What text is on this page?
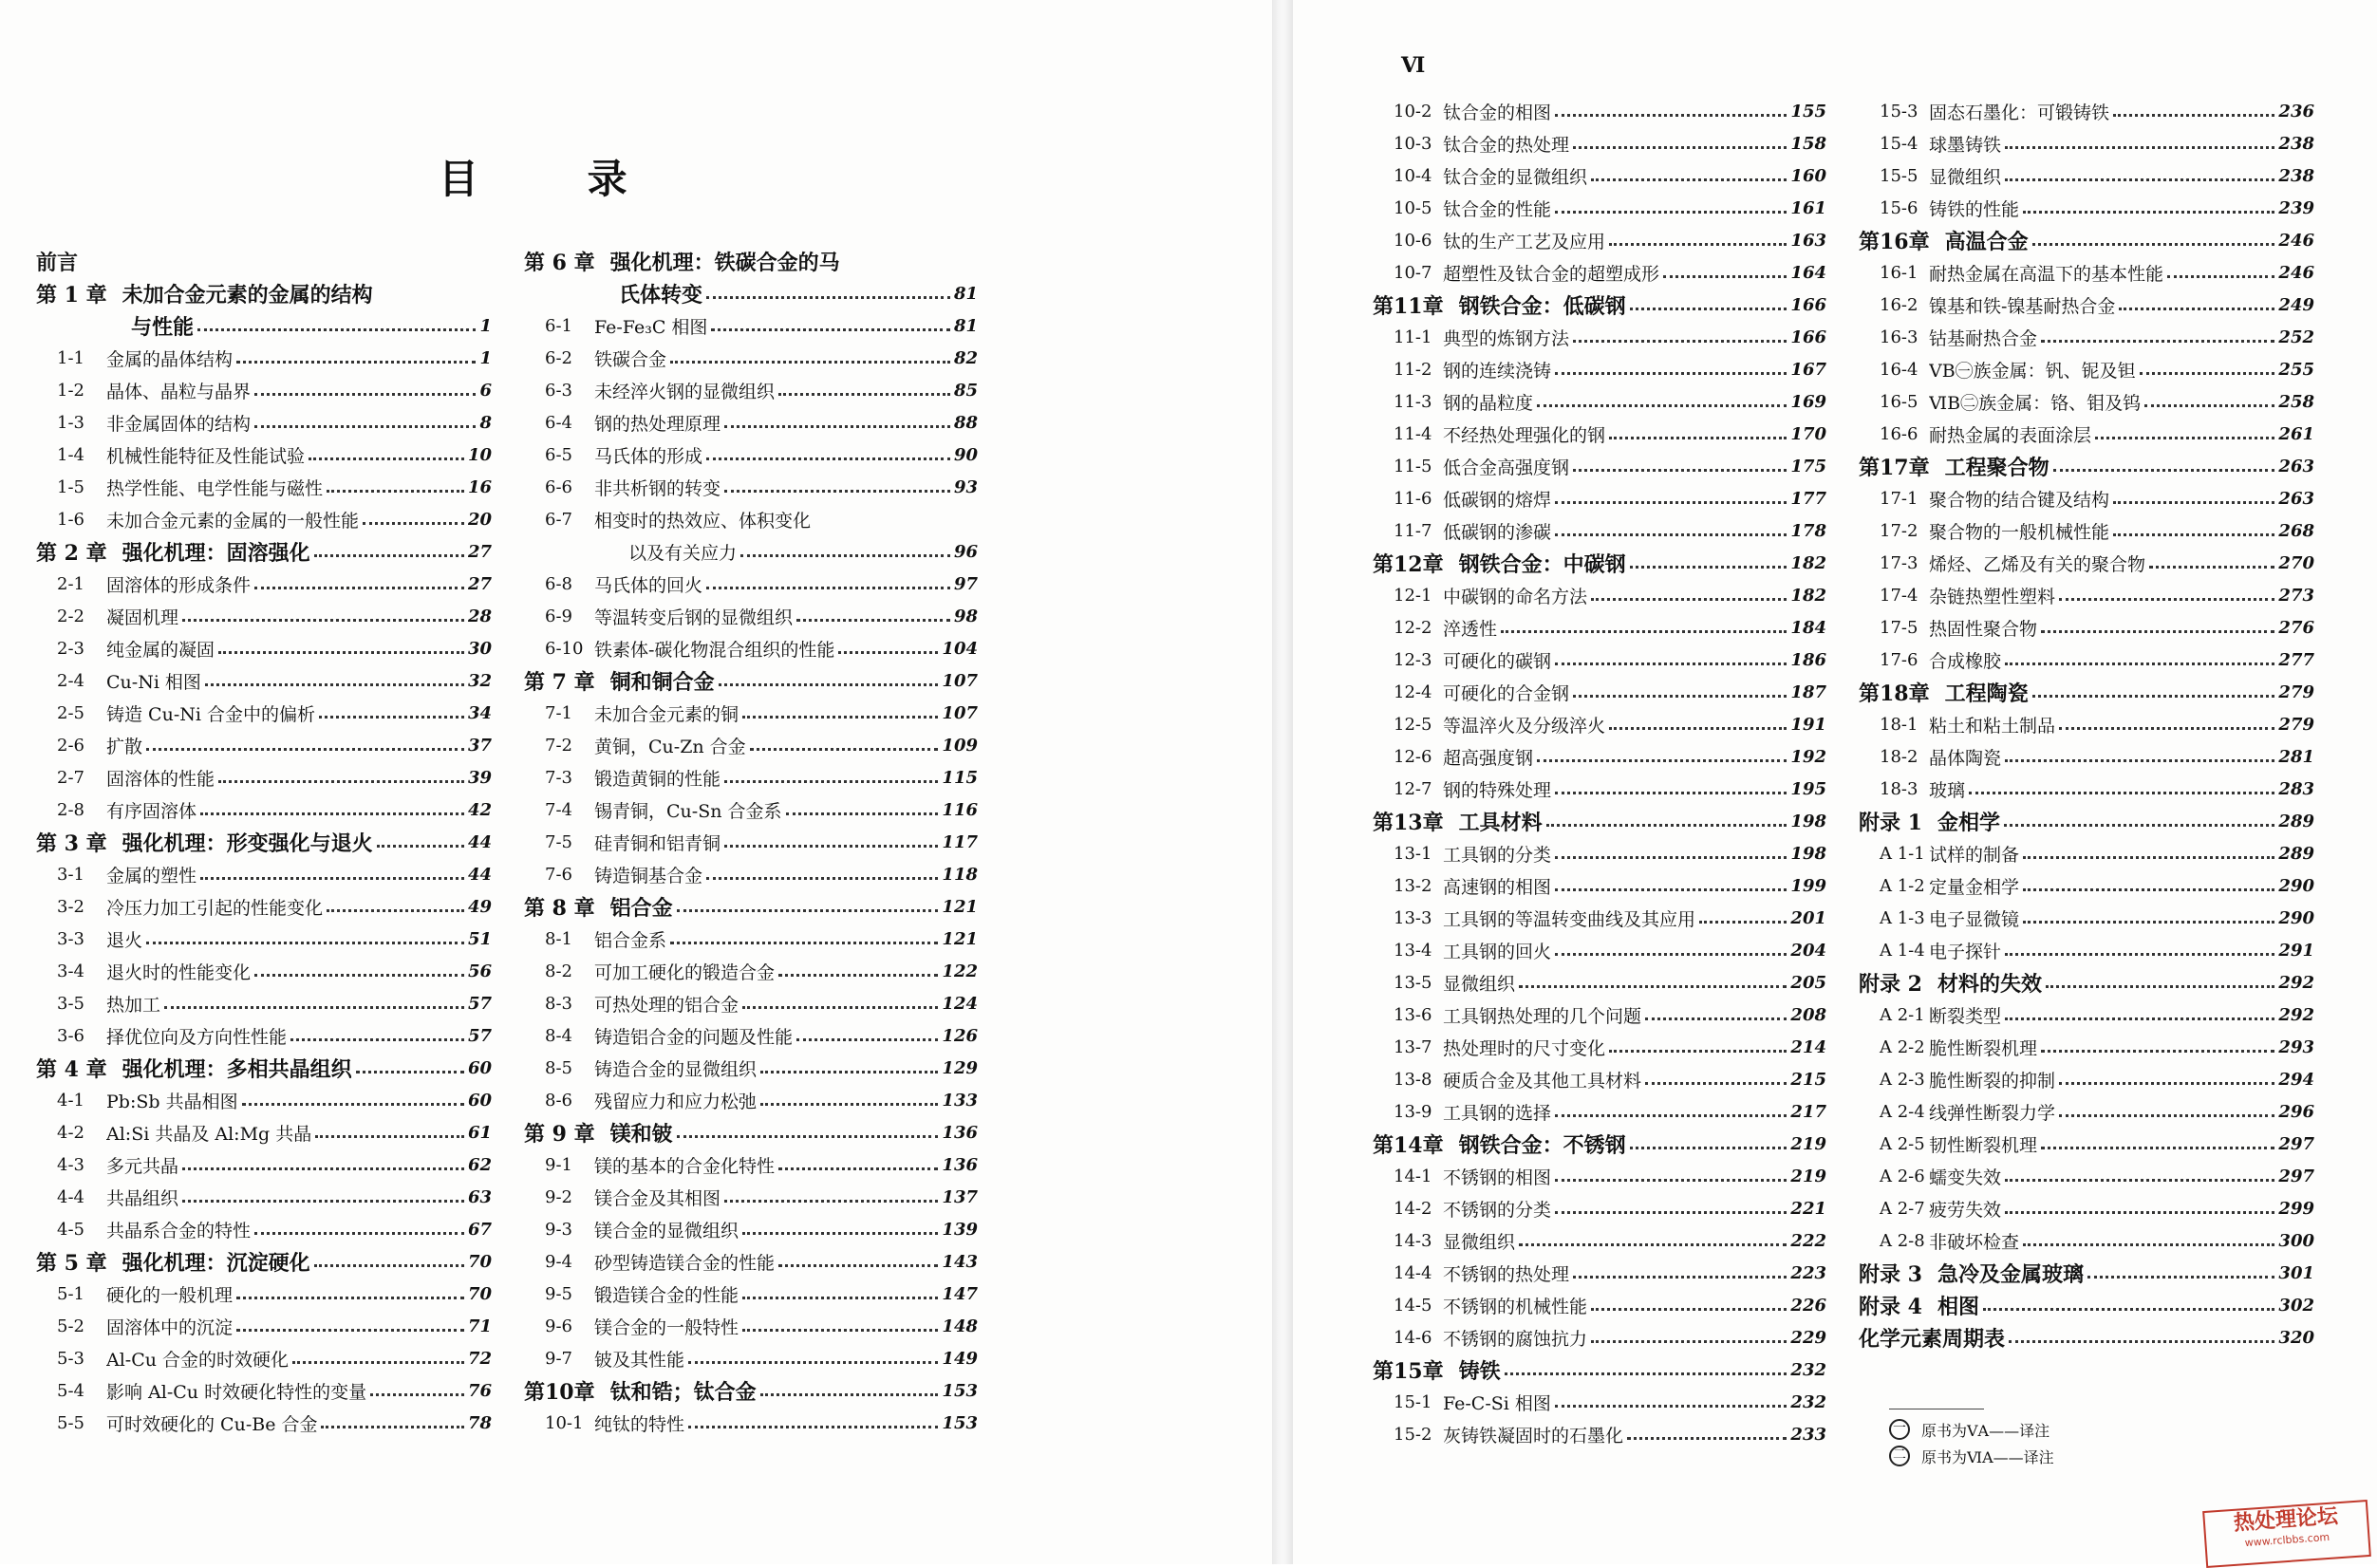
目 录
Ⅵ
前言
第 1 章 未加合金元素的金属的结构
与性能	1
1-1	金属的晶体结构	1
1-2	晶体、晶粒与晶界	6
1-3	非金属固体的结构	8
1-4	机械性能特征及性能试验	10
1-5	热学性能、电学性能与磁性	16
1-6	未加合金元素的金属的一般性能	20
第 2 章 强化机理：固溶强化	27
2-1	固溶体的形成条件	27
2-2	凝固机理	28
2-3	纯金属的凝固	30
2-4	Cu-Ni 相图	32
2-5	铸造 Cu-Ni 合金中的偏析	34
2-6	扩散	37
2-7	固溶体的性能	39
2-8	有序固溶体	42
第 3 章 强化机理：形变强化与退火	44
3-1	金属的塑性	44
3-2	冷压力加工引起的性能变化	49
3-3	退火	51
3-4	退火时的性能变化	56
3-5	热加工	57
3-6	择优位向及方向性性能	57
第 4 章 强化机理：多相共晶组织	60
4-1	Pb:Sb 共晶相图	60
4-2	Al:Si 共晶及 Al:Mg 共晶	61
4-3	多元共晶	62
4-4	共晶组织	63
4-5	共晶系合金的特性	67
第 5 章 强化机理：沉淀硬化	70
5-1	硬化的一般机理	70
5-2	固溶体中的沉淀	71
5-3	Al-Cu 合金的时效硬化	72
5-4	影响 Al-Cu 时效硬化特性的变量	76
5-5	可时效硬化的 Cu-Be 合金	78
第 6 章 强化机理：铁碳合金的马
氏体转变	81
6-1	Fe-Fe₃C 相图	81
6-2	铁碳合金	82
6-3	未经淬火钢的显微组织	85
6-4	钢的热处理原理	88
6-5	马氏体的形成	90
6-6	非共析钢的转变	93
6-7	相变时的热效应、体积变化
以及有关应力	96
6-8	马氏体的回火	97
6-9	等温转变后钢的显微组织	98
6-10 铁素体-碳化物混合组织的性能	104
第 7 章 铜和铜合金	107
7-1	未加合金元素的铜	107
7-2	黄铜，Cu-Zn 合金	109
7-3	锻造黄铜的性能	115
7-4	锡青铜，Cu-Sn 合金系	116
7-5	硅青铜和铝青铜	117
7-6	铸造铜基合金	118
第 8 章 铝合金	121
8-1	铝合金系	121
8-2	可加工硬化的锻造合金	122
8-3	可热处理的铝合金	124
8-4	铸造铝合金的问题及性能	126
8-5	铸造合金的显微组织	129
8-6	残留应力和应力松弛	133
第 9 章 镁和铍	136
9-1	镁的基本的合金化特性	136
9-2	镁合金及其相图	137
9-3	镁合金的显微组织	139
9-4	砂型铸造镁合金的性能	143
9-5	锻造镁合金的性能	147
9-6	镁合金的一般特性	148
9-7	铍及其性能	149
第10章 钛和锆；钛合金	153
10-1 纯钛的特性	153
10-2 钛合金的相图	155
10-3 钛合金的热处理	158
10-4 钛合金的显微组织	160
10-5 钛合金的性能	161
10-6 钛的生产工艺及应用	163
10-7 超塑性及钛合金的超塑成形	164
第11章 钢铁合金：低碳钢	166
11-1 典型的炼钢方法	166
11-2 钢的连续浇铸	167
11-3 钢的晶粒度	169
11-4 不经热处理强化的钢	170
11-5 低合金高强度钢	175
11-6 低碳钢的熔焊	177
11-7 低碳钢的渗碳	178
第12章 钢铁合金：中碳钢	182
12-1 中碳钢的命名方法	182
12-2 淬透性	184
12-3 可硬化的碳钢	186
12-4 可硬化的合金钢	187
12-5 等温淬火及分级淬火	191
12-6 超高强度钢	192
12-7 钢的特殊处理	195
第13章 工具材料	198
13-1 工具钢的分类	198
13-2 高速钢的相图	199
13-3 工具钢的等温转变曲线及其应用	201
13-4 工具钢的回火	204
13-5 显微组织	205
13-6 工具钢热处理的几个问题	208
13-7 热处理时的尺寸变化	214
13-8 硬质合金及其他工具材料	215
13-9 工具钢的选择	217
第14章 钢铁合金：不锈钢	219
14-1 不锈钢的相图	219
14-2 不锈钢的分类	221
14-3 显微组织	222
14-4 不锈钢的热处理	223
14-5 不锈钢的机械性能	226
14-6 不锈钢的腐蚀抗力	229
第15章 铸铁	232
15-1 Fe-C-Si 相图	232
15-2 灰铸铁凝固时的石墨化	233
15-3 固态石墨化：可锻铸铁	236
15-4 球墨铸铁	238
15-5 显微组织	238
15-6 铸铁的性能	239
第16章 高温合金	246
16-1 耐热金属在高温下的基本性能	246
16-2 镍基和铁-镍基耐热合金	249
16-3 钴基耐热合金	252
16-4 ⅤB㊀族金属：钒、铌及钽	255
16-5 ⅥB㊁族金属：铬、钼及钨	258
16-6 耐热金属的表面涂层	261
第17章 工程聚合物	263
17-1 聚合物的结合键及结构	263
17-2 聚合物的一般机械性能	268
17-3 烯烃、乙烯及有关的聚合物	270
17-4 杂链热塑性塑料	273
17-5 热固性聚合物	276
17-6 合成橡胶	277
第18章 工程陶瓷	279
18-1 粘土和粘土制品	279
18-2 晶体陶瓷	281
18-3 玻璃	283
附录 1 金相学	289
A 1-1 试样的制备	289
A 1-2 定量金相学	290
A 1-3 电子显微镜	290
A 1-4 电子探针	291
附录 2 材料的失效	292
A 2-1 断裂类型	292
A 2-2 脆性断裂机理	293
A 2-3 脆性断裂的抑制	294
A 2-4 线弹性断裂力学	296
A 2-5 韧性断裂机理	297
A 2-6 蠕变失效	297
A 2-7 疲劳失效	299
A 2-8 非破坏检查	300
附录 3 急冷及金属玻璃	301
附录 4 相图	302
化学元素周期表	320
一 原书为ⅤA——译注
二 原书为ⅥA——译注
热处理论坛
www.rclbbs.com
